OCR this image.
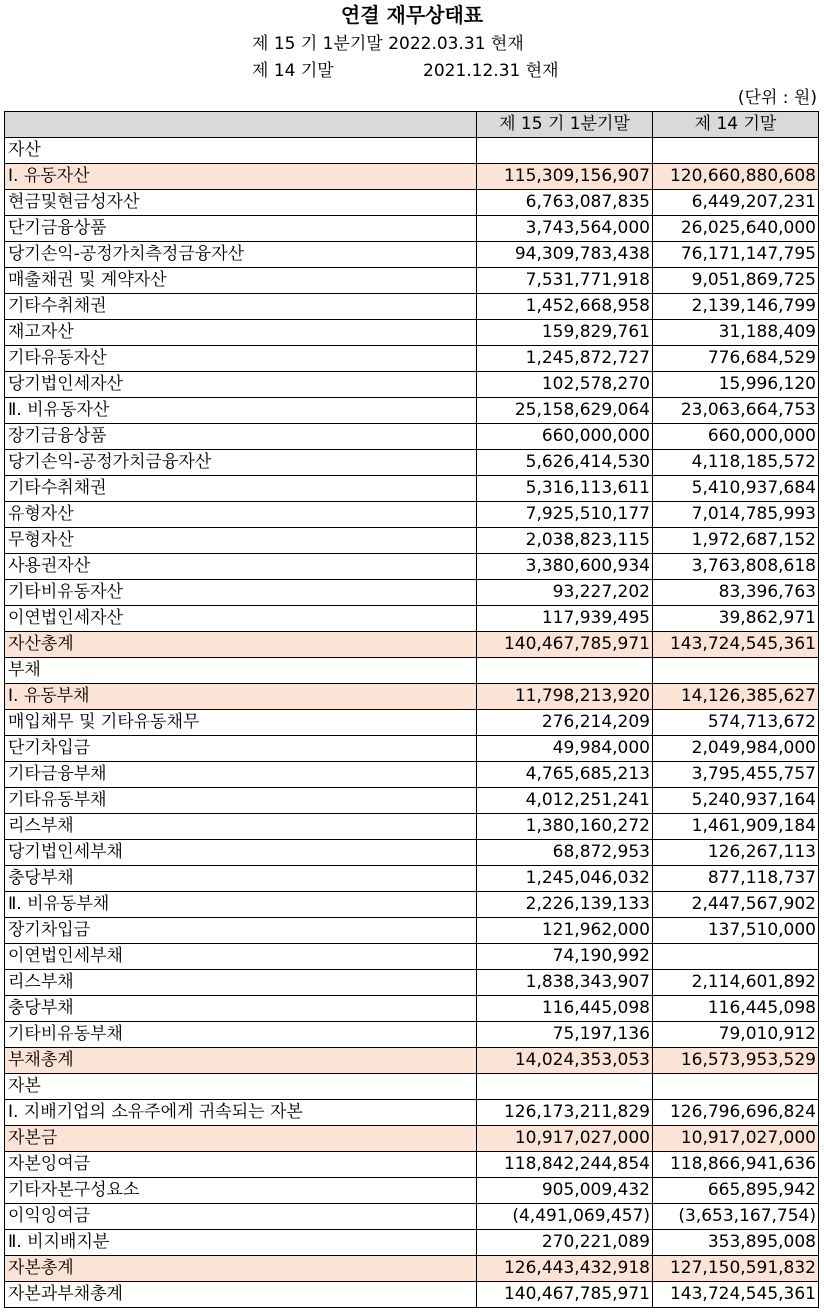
연결 재무상태표
제 15 기 1분기말 2022.03.31 현재
제 14 기말	2021.12.31 현재
(단위 : 원)
	제 15 기 1분기말	제 14 기말
자산		
Ⅰ. 유동자산	115,309,156,907	120,660,880,608
현금및현금성자산	6,763,087,835	6,449,207,231
단기금융상품	3,743,564,000	26,025,640,000
당기손익-공정가치측정금융자산	94,309,783,438	76,171,147,795
매출채권 및 계약자산	7,531,771,918	9,051,869,725
기타수취채권	1,452,668,958	2,139,146,799
재고자산	159,829,761	31,188,409
기타유동자산	1,245,872,727	776,684,529
당기법인세자산	102,578,270	15,996,120
Ⅱ. 비유동자산	25,158,629,064	23,063,664,753
장기금융상품	660,000,000	660,000,000
당기손익-공정가치금융자산	5,626,414,530	4,118,185,572
기타수취채권	5,316,113,611	5,410,937,684
유형자산	7,925,510,177	7,014,785,993
무형자산	2,038,823,115	1,972,687,152
사용권자산	3,380,600,934	3,763,808,618
기타비유동자산	93,227,202	83,396,763
이연법인세자산	117,939,495	39,862,971
자산총계	140,467,785,971	143,724,545,361
부채		
Ⅰ. 유동부채	11,798,213,920	14,126,385,627
매입채무 및 기타유동채무	276,214,209	574,713,672
단기차입금	49,984,000	2,049,984,000
기타금융부채	4,765,685,213	3,795,455,757
기타유동부채	4,012,251,241	5,240,937,164
리스부채	1,380,160,272	1,461,909,184
당기법인세부채	68,872,953	126,267,113
충당부채	1,245,046,032	877,118,737
Ⅱ. 비유동부채	2,226,139,133	2,447,567,902
장기차입금	121,962,000	137,510,000
이연법인세부채	74,190,992	
리스부채	1,838,343,907	2,114,601,892
충당부채	116,445,098	116,445,098
기타비유동부채	75,197,136	79,010,912
부채총계	14,024,353,053	16,573,953,529
자본		
Ⅰ. 지배기업의 소유주에게 귀속되는 자본	126,173,211,829	126,796,696,824
자본금	10,917,027,000	10,917,027,000
자본잉여금	118,842,244,854	118,866,941,636
기타자본구성요소	905,009,432	665,895,942
이익잉여금	(4,491,069,457)	(3,653,167,754)
Ⅱ. 비지배지분	270,221,089	353,895,008
자본총계	126,443,432,918	127,150,591,832
자본과부채총계	140,467,785,971	143,724,545,361
